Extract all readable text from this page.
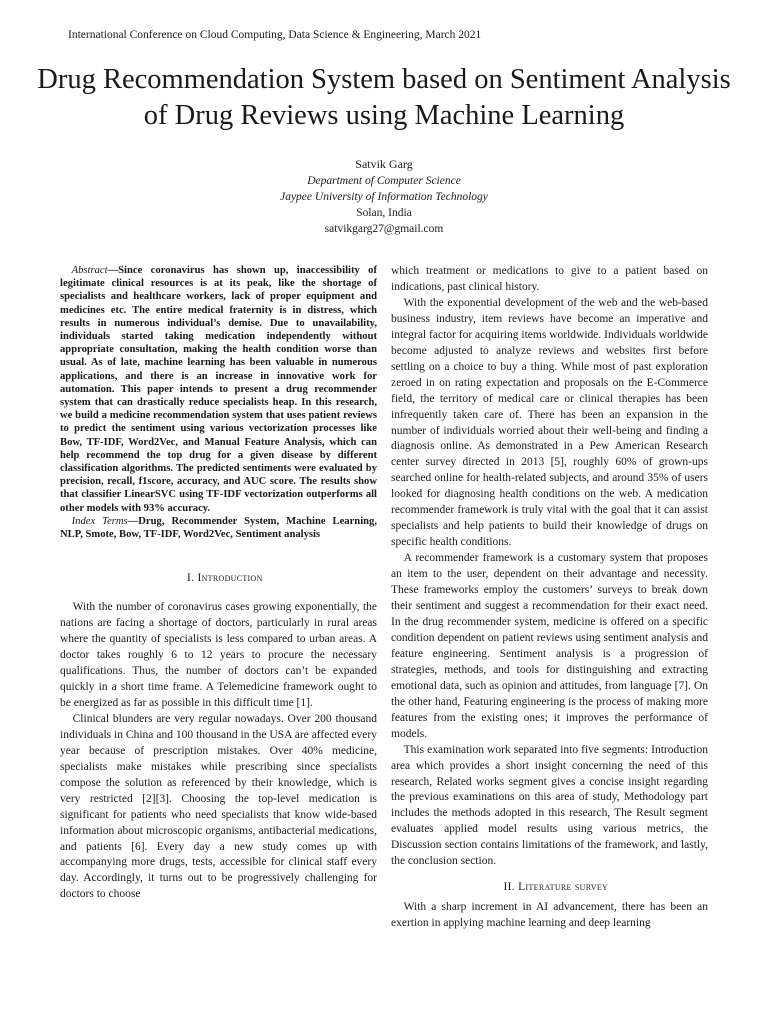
International Conference on Cloud Computing, Data Science & Engineering, March 2021
Drug Recommendation System based on Sentiment Analysis of Drug Reviews using Machine Learning
Satvik Garg
Department of Computer Science
Jaypee University of Information Technology
Solan, India
satvikgarg27@gmail.com

Abstract—Since coronavirus has shown up, inaccessibility of legitimate clinical resources is at its peak, like the shortage of specialists and healthcare workers, lack of proper equipment and medicines etc. The entire medical fraternity is in distress, which results in numerous individual’s demise. Due to unavailability, individuals started taking medication independently without appropriate consultation, making the health condition worse than usual. As of late, machine learning has been valuable in numerous applications, and there is an increase in innovative work for automation. This paper intends to present a drug recommender system that can drastically reduce specialists heap. In this research, we build a medicine recommendation system that uses patient reviews to predict the sentiment using various vectorization processes like Bow, TF-IDF, Word2Vec, and Manual Feature Analysis, which can help recommend the top drug for a given disease by different classification algorithms. The predicted sentiments were evaluated by precision, recall, f1score, accuracy, and AUC score. The results show that classifier LinearSVC using TF-IDF vectorization outperforms all other models with 93% accuracy.

Index Terms—Drug, Recommender System, Machine Learning, NLP, Smote, Bow, TF-IDF, Word2Vec, Sentiment analysis

I. Introduction

With the number of coronavirus cases growing exponentially, the nations are facing a shortage of doctors, particularly in rural areas where the quantity of specialists is less compared to urban areas. A doctor takes roughly 6 to 12 years to procure the necessary qualifications. Thus, the number of doctors can’t be expanded quickly in a short time frame. A Telemedicine framework ought to be energized as far as possible in this difficult time [1].

Clinical blunders are very regular nowadays. Over 200 thousand individuals in China and 100 thousand in the USA are affected every year because of prescription mistakes. Over 40% medicine, specialists make mistakes while prescribing since specialists compose the solution as referenced by their knowledge, which is very restricted [2][3]. Choosing the top-level medication is significant for patients who need specialists that know wide-based information about microscopic organisms, antibacterial medications, and patients [6]. Every day a new study comes up with accompanying more drugs, tests, accessible for clinical staff every day. Accordingly, it turns out to be progressively challenging for doctors to choose

which treatment or medications to give to a patient based on indications, past clinical history.

With the exponential development of the web and the web-based business industry, item reviews have become an imperative and integral factor for acquiring items worldwide. Individuals worldwide become adjusted to analyze reviews and websites first before settling on a choice to buy a thing. While most of past exploration zeroed in on rating expectation and proposals on the E-Commerce field, the territory of medical care or clinical therapies has been infrequently taken care of. There has been an expansion in the number of individuals worried about their well-being and finding a diagnosis online. As demonstrated in a Pew American Research center survey directed in 2013 [5], roughly 60% of grown-ups searched online for health-related subjects, and around 35% of users looked for diagnosing health conditions on the web. A medication recommender framework is truly vital with the goal that it can assist specialists and help patients to build their knowledge of drugs on specific health conditions.

A recommender framework is a customary system that proposes an item to the user, dependent on their advantage and necessity. These frameworks employ the customers’ surveys to break down their sentiment and suggest a recommendation for their exact need. In the drug recommender system, medicine is offered on a specific condition dependent on patient reviews using sentiment analysis and feature engineering. Sentiment analysis is a progression of strategies, methods, and tools for distinguishing and extracting emotional data, such as opinion and attitudes, from language [7]. On the other hand, Featuring engineering is the process of making more features from the existing ones; it improves the performance of models.

This examination work separated into five segments: Introduction area which provides a short insight concerning the need of this research, Related works segment gives a concise insight regarding the previous examinations on this area of study, Methodology part includes the methods adopted in this research, The Result segment evaluates applied model results using various metrics, the Discussion section contains limitations of the framework, and lastly, the conclusion section.

II. Literature survey

With a sharp increment in AI advancement, there has been an exertion in applying machine learning and deep learning
